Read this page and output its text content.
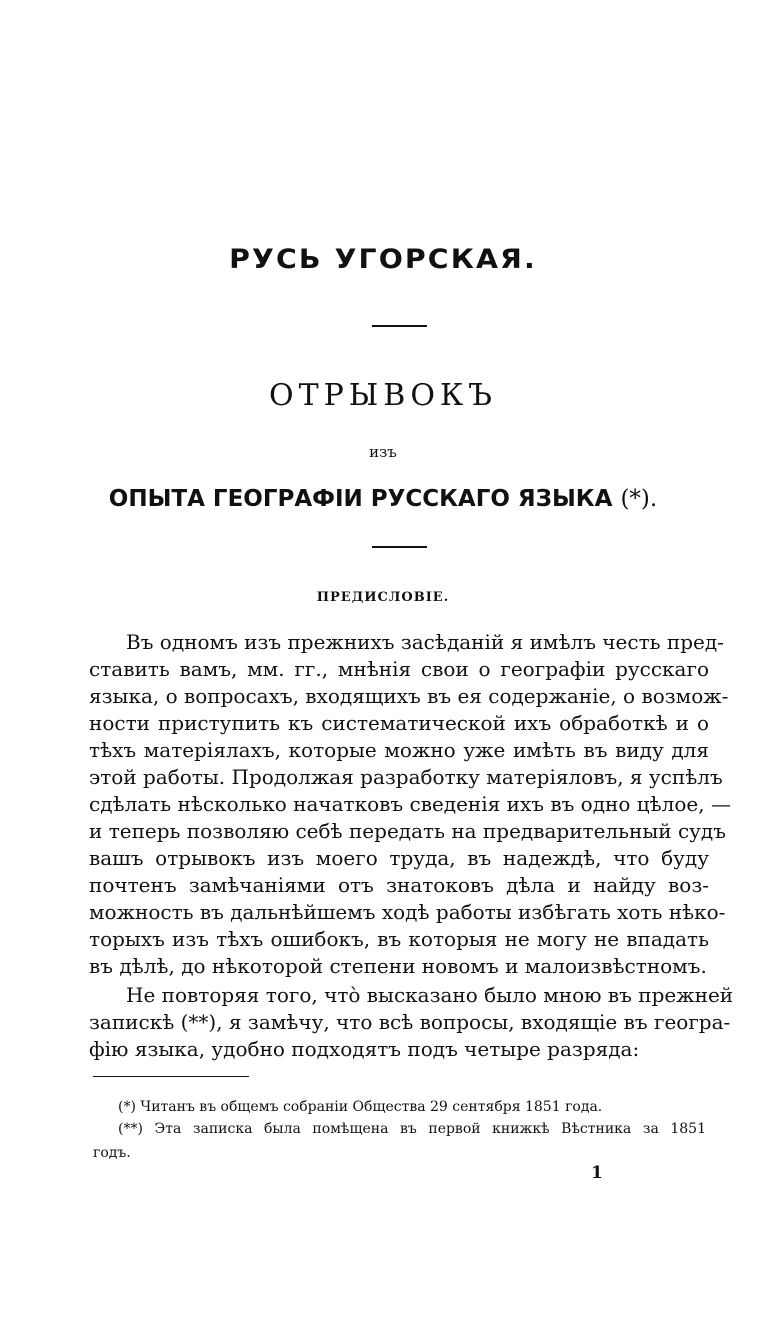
РУСЬ УГОРСКАЯ.
ОТРЫВОКЪ
изъ
ОПЫТА ГЕОГРАФІИ РУССКАГО ЯЗЫКА (*).
ПРЕДИСЛОВІЕ.
Въ одномъ изъ прежнихъ засѣданій я имѣлъ честь пред-
ставить вамъ, мм. гг., мнѣнія свои о географіи русскаго
языка, о вопросахъ, входящихъ въ ея содержаніе, о возмож-
ности приступить къ систематической ихъ обработкѣ и о
тѣхъ матеріялахъ, которые можно уже имѣть въ виду для
этой работы. Продолжая разработку матеріяловъ, я успѣлъ
сдѣлать нѣсколько начатковъ сведенія ихъ въ одно цѣлое, —
и теперь позволяю себѣ передать на предварительный судъ
вашъ отрывокъ изъ моего труда, въ надеждѣ, что буду
почтенъ замѣчаніями отъ знатоковъ дѣла и найду воз-
можность въ дальнѣйшемъ ходѣ работы избѣгать хоть нѣко-
торыхъ изъ тѣхъ ошибокъ, въ которыя не могу не впадать
въ дѣлѣ, до нѣкоторой степени новомъ и малоизвѣстномъ.
Не повторяя того, что̀ высказано было мною въ прежней
запискѣ (**), я замѣчу, что всѣ вопросы, входящіе въ геогра-
фію языка, удобно подходятъ подъ четыре разряда:
(*) Читанъ въ общемъ собраніи Общества 29 сентября 1851 года.
(**) Эта записка была помѣщена въ первой книжкѣ Вѣстника за 1851
годъ.
1
